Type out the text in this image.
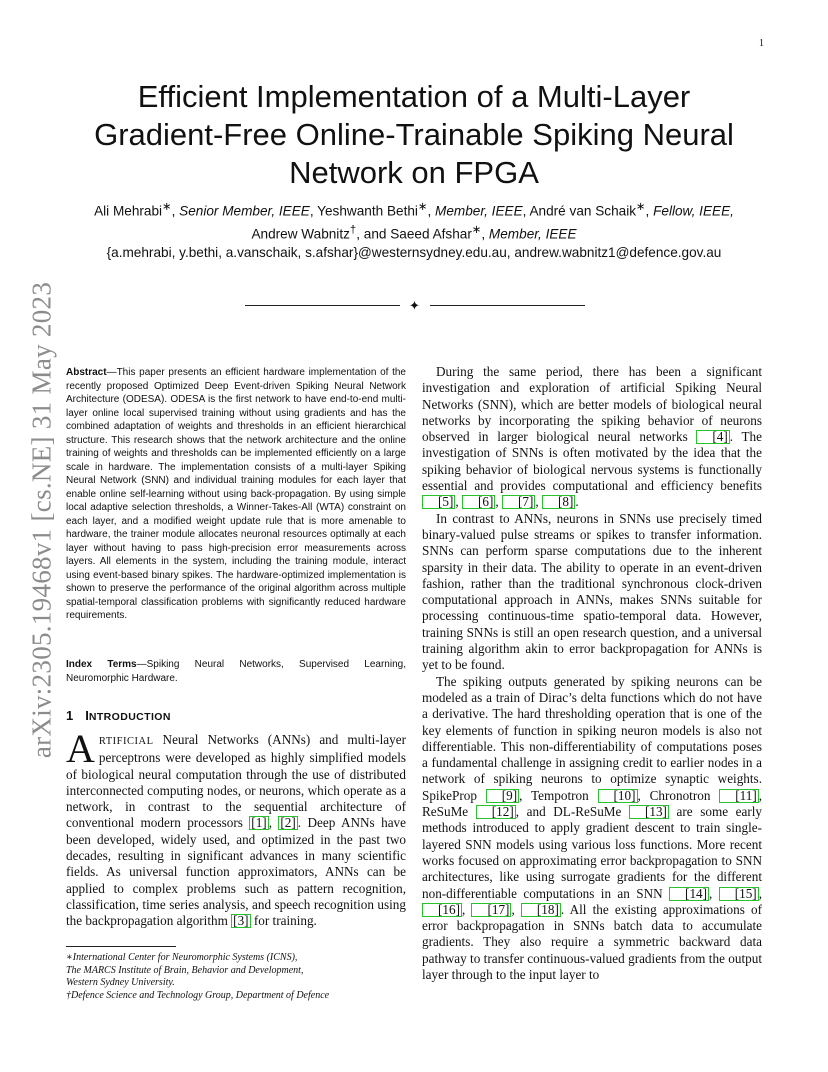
1
arXiv:2305.19468v1 [cs.NE] 31 May 2023
Efficient Implementation of a Multi-Layer
Gradient-Free Online-Trainable Spiking Neural
Network on FPGA
Ali Mehrabi∗, Senior Member, IEEE, Yeshwanth Bethi∗, Member, IEEE, André van Schaik∗, Fellow, IEEE,
Andrew Wabnitz†, and Saeed Afshar∗, Member, IEEE
{a.mehrabi, y.bethi, a.vanschaik, s.afshar}@westernsydney.edu.au, andrew.wabnitz1@defence.gov.au
✦
Abstract—This paper presents an efficient hardware implementation of the recently proposed Optimized Deep Event-driven Spiking Neural Network Architecture (ODESA). ODESA is the first network to have end-to-end multi-layer online local supervised training without using gradients and has the combined adaptation of weights and thresholds in an efficient hierarchical structure. This research shows that the network architecture and the online training of weights and thresholds can be implemented efficiently on a large scale in hardware. The implementation consists of a multi-layer Spiking Neural Network (SNN) and individual training modules for each layer that enable online self-learning without using back-propagation. By using simple local adaptive selection thresholds, a Winner-Takes-All (WTA) constraint on each layer, and a modified weight update rule that is more amenable to hardware, the trainer module allocates neuronal resources optimally at each layer without having to pass high-precision error measurements across layers. All elements in the system, including the training module, interact using event-based binary spikes. The hardware-optimized implementation is shown to preserve the performance of the original algorithm across multiple spatial-temporal classification problems with significantly reduced hardware requirements.
Index Terms—Spiking Neural Networks, Supervised Learning, Neuromorphic Hardware.
1 INTRODUCTION
ARTIFICIAL Neural Networks (ANNs) and multi-layer perceptrons were developed as highly simplified models of biological neural computation through the use of distributed interconnected computing nodes, or neurons, which operate as a network, in contrast to the sequential architecture of conventional modern processors [1] , [2] . Deep ANNs have been developed, widely used, and optimized in the past two decades, resulting in significant advances in many scientific fields. As universal function approximators, ANNs can be applied to complex problems such as pattern recognition, classification, time series analysis, and speech recognition using the backpropagation algorithm [3] for training.
∗International Center for Neuromorphic Systems (ICNS),
The MARCS Institute of Brain, Behavior and Development,
Western Sydney University.
†Defence Science and Technology Group, Department of Defence

During the same period, there has been a significant investigation and exploration of artificial Spiking Neural Networks (SNN), which are better models of biological neural networks by incorporating the spiking behavior of neurons observed in larger biological neural networks [4] . The investigation of SNNs is often motivated by the idea that the spiking behavior of biological nervous systems is functionally essential and provides computational and efficiency benefits [5] , [6] , [7] , [8] .

In contrast to ANNs, neurons in SNNs use precisely timed binary-valued pulse streams or spikes to transfer information. SNNs can perform sparse computations due to the inherent sparsity in their data. The ability to operate in an event-driven fashion, rather than the traditional synchronous clock-driven computational approach in ANNs, makes SNNs suitable for processing continuous-time spatio-temporal data. However, training SNNs is still an open research question, and a universal training algorithm akin to error backpropagation for ANNs is yet to be found.

The spiking outputs generated by spiking neurons can be modeled as a train of Dirac’s delta functions which do not have a derivative. The hard thresholding operation that is one of the key elements of function in spiking neuron models is also not differentiable. This non-differentiability of computations poses a fundamental challenge in assigning credit to earlier nodes in a network of spiking neurons to optimize synaptic weights. SpikeProp [9] , Tempotron [10] , Chronotron [11] , ReSuMe [12] , and DL-ReSuMe [13] are some early methods introduced to apply gradient descent to train single-layered SNN models using various loss functions. More recent works focused on approximating error backpropagation to SNN architectures, like using surrogate gradients for the different non-differentiable computations in an SNN [14] , [15] , [16] , [17] , [18] . All the existing approximations of error backpropagation in SNNs batch data to accumulate gradients. They also require a symmetric backward data pathway to transfer continuous-valued gradients from the output layer through to the input layer to
